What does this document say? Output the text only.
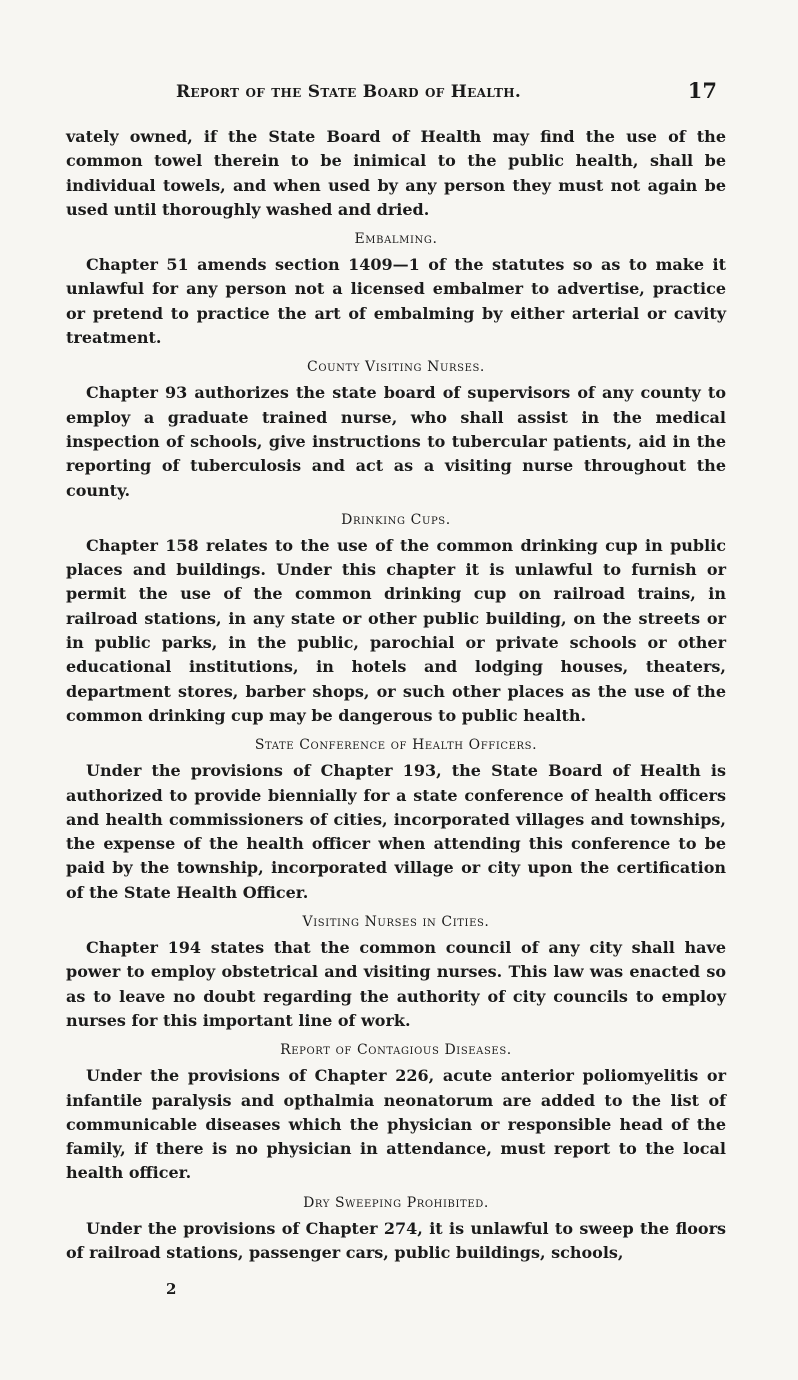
Report of the State Board of Health.	17

vately owned, if the State Board of Health may find the use of the common towel therein to be inimical to the public health, shall be individual towels, and when used by any person they must not again be used until thoroughly washed and dried.

Embalming.

Chapter 51 amends section 1409—1 of the statutes so as to make it unlawful for any person not a licensed embalmer to advertise, practice or pretend to practice the art of embalming by either arterial or cavity treatment.

County Visiting Nurses.

Chapter 93 authorizes the state board of supervisors of any county to employ a graduate trained nurse, who shall assist in the medical inspection of schools, give instructions to tubercular patients, aid in the reporting of tuberculosis and act as a visiting nurse throughout the county.

Drinking Cups.

Chapter 158 relates to the use of the common drinking cup in public places and buildings. Under this chapter it is unlawful to furnish or permit the use of the common drinking cup on railroad trains, in railroad stations, in any state or other public building, on the streets or in public parks, in the public, parochial or private schools or other educational institutions, in hotels and lodging houses, theaters, department stores, barber shops, or such other places as the use of the common drinking cup may be dangerous to public health.

State Conference of Health Officers.

Under the provisions of Chapter 193, the State Board of Health is authorized to provide biennially for a state conference of health officers and health commissioners of cities, incorporated villages and townships, the expense of the health officer when attending this conference to be paid by the township, incorporated village or city upon the certification of the State Health Officer.

Visiting Nurses in Cities.

Chapter 194 states that the common council of any city shall have power to employ obstetrical and visiting nurses. This law was enacted so as to leave no doubt regarding the authority of city councils to employ nurses for this important line of work.

Report of Contagious Diseases.

Under the provisions of Chapter 226, acute anterior poliomyelitis or infantile paralysis and opthalmia neonatorum are added to the list of communicable diseases which the physician or responsible head of the family, if there is no physician in attendance, must report to the local health officer.

Dry Sweeping Prohibited.

Under the provisions of Chapter 274, it is unlawful to sweep the floors of railroad stations, passenger cars, public buildings, schools,

2
